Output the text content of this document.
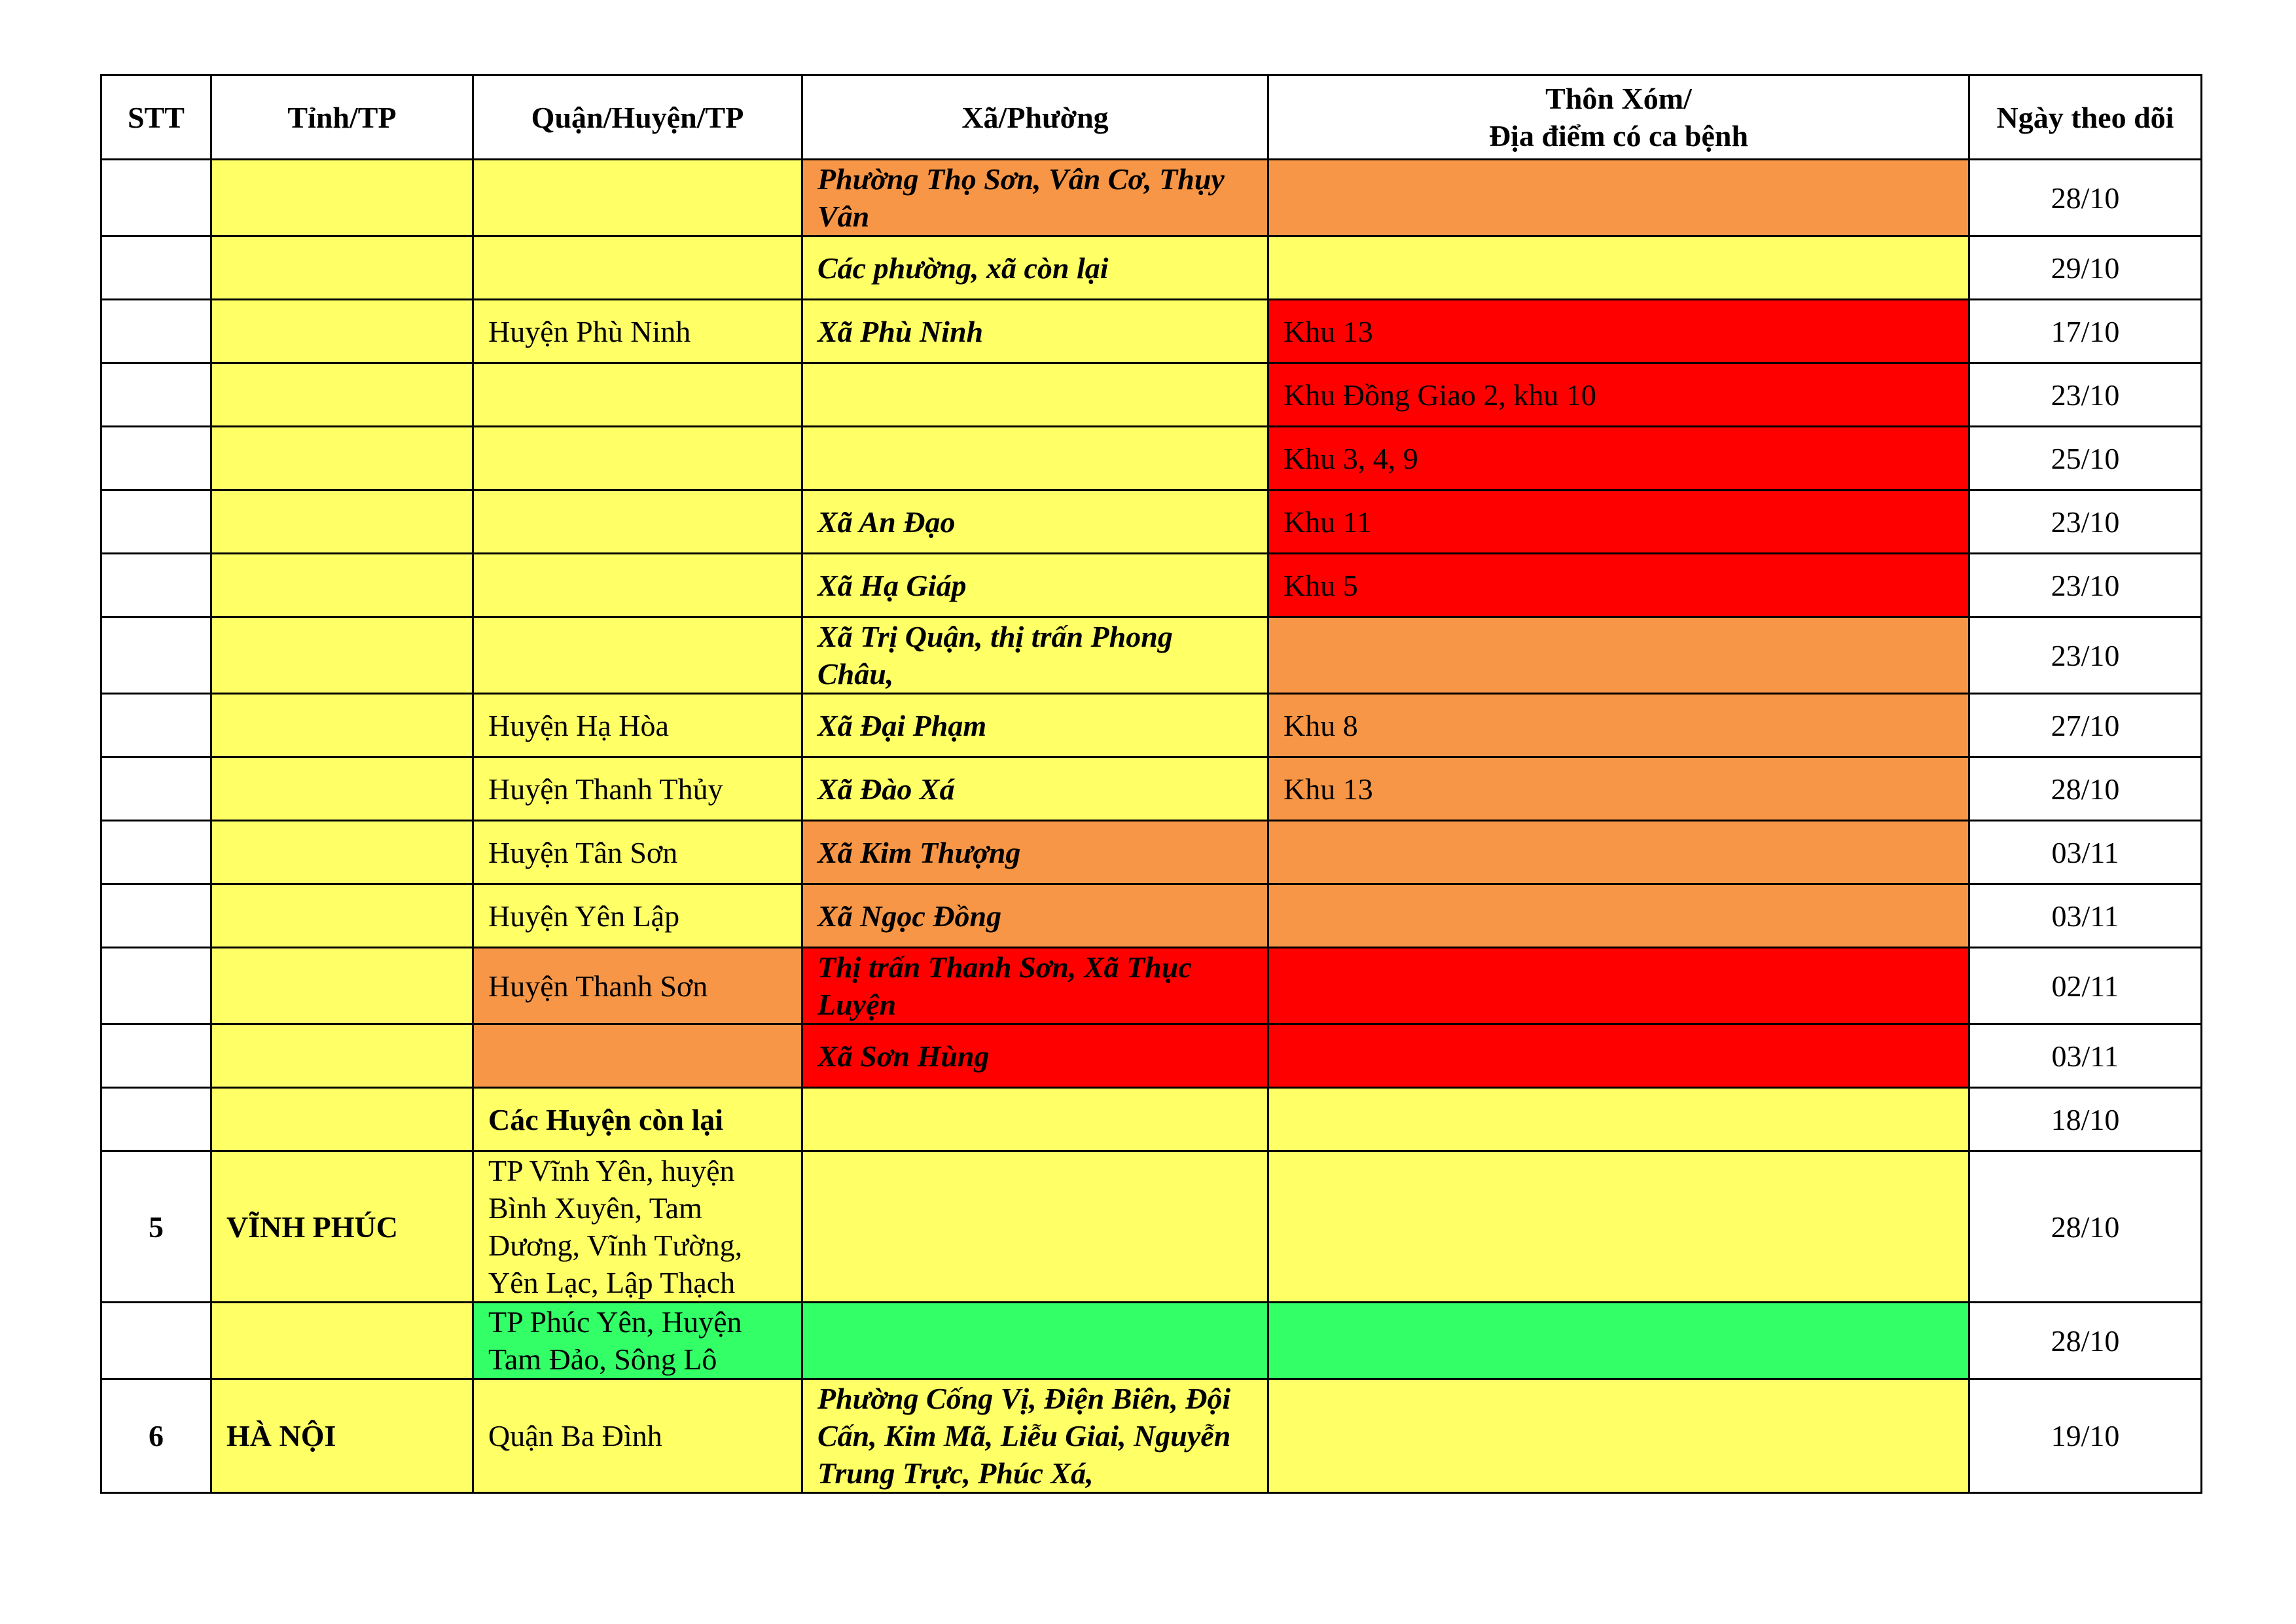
STT	Tỉnh/TP	Quận/Huyện/TP	Xã/Phường	Thôn Xóm/
Địa điểm có ca bệnh	Ngày theo dõi
			Phường Thọ Sơn, Vân Cơ, Thụy Vân		28/10
			Các phường, xã còn lại		29/10
		Huyện Phù Ninh	Xã Phù Ninh	Khu 13	17/10
				Khu Đồng Giao 2, khu 10	23/10
				Khu 3, 4, 9	25/10
			Xã An Đạo	Khu 11	23/10
			Xã Hạ Giáp	Khu 5	23/10
			Xã Trị Quận, thị trấn Phong Châu,		23/10
		Huyện Hạ Hòa	Xã Đại Phạm	Khu 8	27/10
		Huyện Thanh Thủy	Xã Đào Xá	Khu 13	28/10
		Huyện Tân Sơn	Xã Kim Thượng		03/11
		Huyện Yên Lập	Xã Ngọc Đồng		03/11
		Huyện Thanh Sơn	Thị trấn Thanh Sơn, Xã Thục Luyện		02/11
			Xã Sơn Hùng		03/11
		Các Huyện còn lại			18/10
5	VĨNH PHÚC	TP Vĩnh Yên, huyện Bình Xuyên, Tam Dương, Vĩnh Tường, Yên Lạc, Lập Thạch			28/10
		TP Phúc Yên, Huyện Tam Đảo, Sông Lô			28/10
6	HÀ NỘI	Quận Ba Đình	Phường Cống Vị, Điện Biên, Đội Cấn, Kim Mã, Liễu Giai, Nguyễn Trung Trực, Phúc Xá,		19/10
